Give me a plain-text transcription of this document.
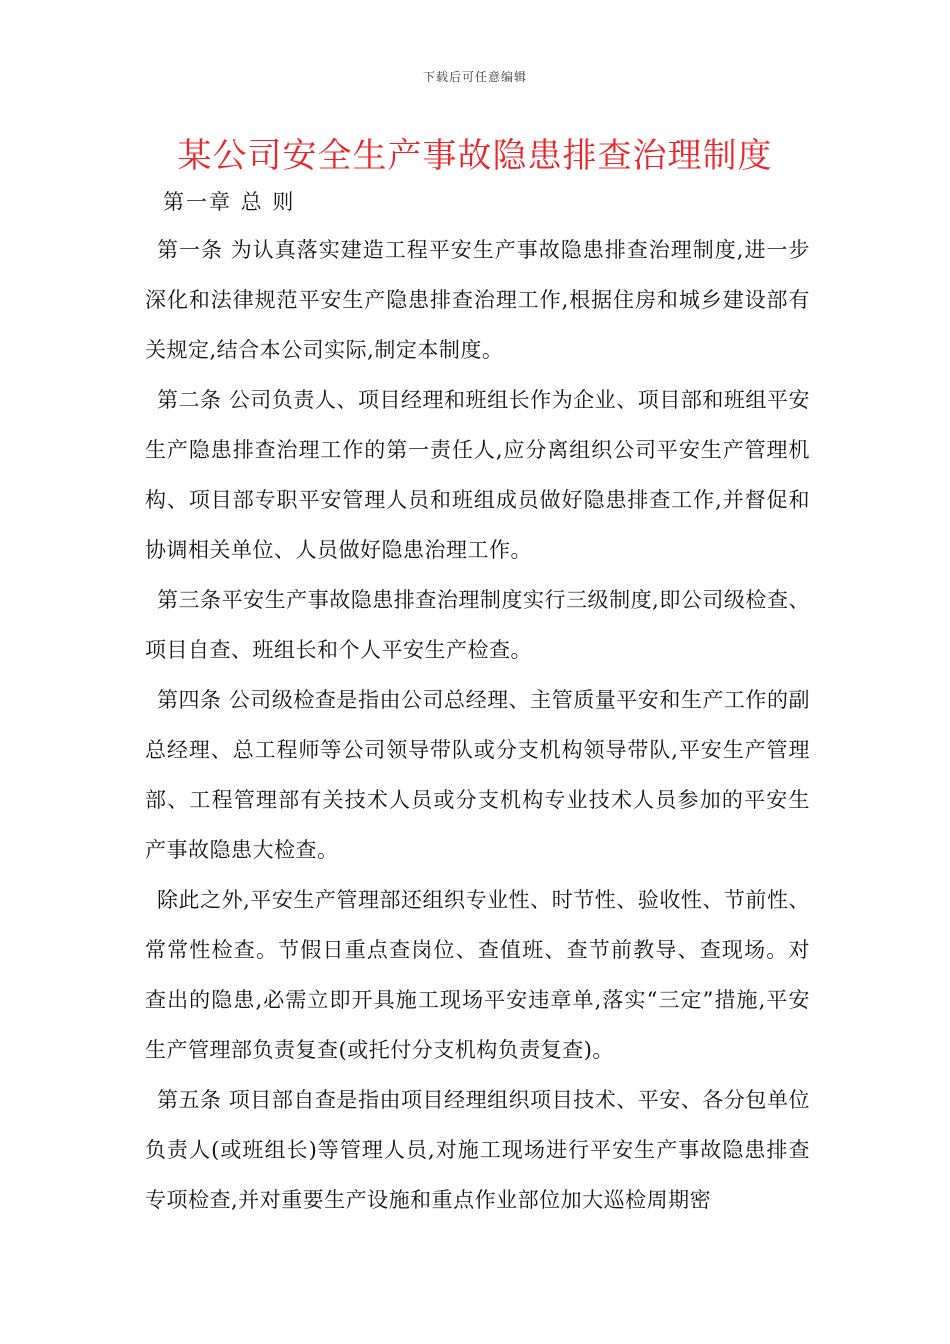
下载后可任意编辑
某公司安全生产事故隐患排查治理制度
第一章 总 则

第一条 为认真落实建造工程平安生产事故隐患排查治理制度,进一步深化和法律规范平安生产隐患排查治理工作,根据住房和城乡建设部有关规定,结合本公司实际,制定本制度。

第二条 公司负责人、项目经理和班组长作为企业、项目部和班组平安生产隐患排查治理工作的第一责任人,应分离组织公司平安生产管理机构、项目部专职平安管理人员和班组成员做好隐患排查工作,并督促和协调相关单位、人员做好隐患治理工作。

第三条平安生产事故隐患排查治理制度实行三级制度,即公司级检查、项目自查、班组长和个人平安生产检查。

第四条 公司级检查是指由公司总经理、主管质量平安和生产工作的副总经理、总工程师等公司领导带队或分支机构领导带队,平安生产管理部、工程管理部有关技术人员或分支机构专业技术人员参加的平安生产事故隐患大检查。

除此之外,平安生产管理部还组织专业性、时节性、验收性、节前性、常常性检查。节假日重点查岗位、查值班、查节前教导、查现场。对查出的隐患,必需立即开具施工现场平安违章单,落实“三定”措施,平安生产管理部负责复查(或托付分支机构负责复查)。

第五条 项目部自查是指由项目经理组织项目技术、平安、各分包单位负责人(或班组长)等管理人员,对施工现场进行平安生产事故隐患排查专项检查,并对重要生产设施和重点作业部位加大巡检周期密
